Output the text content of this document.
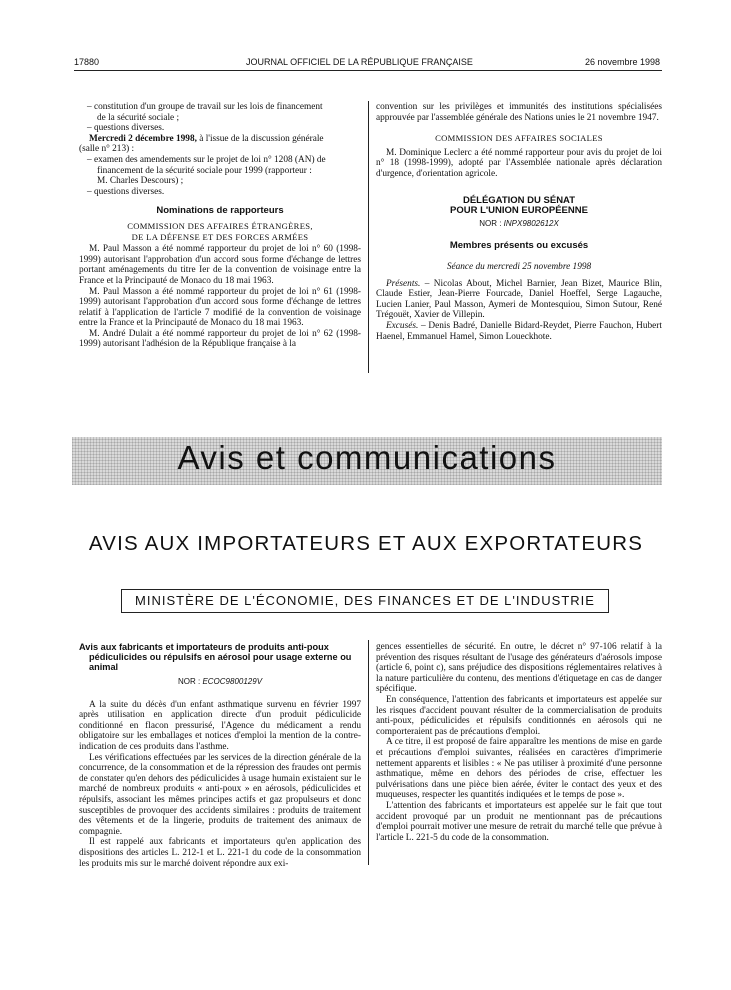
17880	JOURNAL OFFICIEL DE LA RÉPUBLIQUE FRANÇAISE	26 novembre 1998

– constitution d'un groupe de travail sur les lois de financement

de la sécurité sociale ;

– questions diverses.

Mercredi 2 décembre 1998, à l'issue de la discussion générale

(salle n° 213) :

– examen des amendements sur le projet de loi n° 1208 (AN) de

financement de la sécurité sociale pour 1999 (rapporteur :

M. Charles Descours) ;

– questions diverses.

Nominations de rapporteurs

COMMISSION DES AFFAIRES ÉTRANGÈRES,

DE LA DÉFENSE ET DES FORCES ARMÉES

M. Paul Masson a été nommé rapporteur du projet de loi n° 60 (1998-1999) autorisant l'approbation d'un accord sous forme d'échange de lettres portant aménagements du titre Ier de la convention de voisinage entre la France et la Principauté de Monaco du 18 mai 1963.

M. Paul Masson a été nommé rapporteur du projet de loi n° 61 (1998-1999) autorisant l'approbation d'un accord sous forme d'échange de lettres relatif à l'application de l'article 7 modifié de la convention de voisinage entre la France et la Principauté de Monaco du 18 mai 1963.

M. André Dulait a été nommé rapporteur du projet de loi n° 62 (1998-1999) autorisant l'adhésion de la République française à la

convention sur les privilèges et immunités des institutions spécialisées approuvée par l'assemblée générale des Nations unies le 21 novembre 1947.

COMMISSION DES AFFAIRES SOCIALES

M. Dominique Leclerc a été nommé rapporteur pour avis du projet de loi n° 18 (1998-1999), adopté par l'Assemblée nationale après déclaration d'urgence, d'orientation agricole.

DÉLÉGATION DU SÉNAT

POUR L'UNION EUROPÉENNE

NOR : INPX9802612X

Membres présents ou excusés

Séance du mercredi 25 novembre 1998

Présents. – Nicolas About, Michel Barnier, Jean Bizet, Maurice Blin, Claude Estier, Jean-Pierre Fourcade, Daniel Hoeffel, Serge Lagauche, Lucien Lanier, Paul Masson, Aymeri de Montesquiou, Simon Sutour, René Trégouët, Xavier de Villepin.

Excusés. – Denis Badré, Danielle Bidard-Reydet, Pierre Fauchon, Hubert Haenel, Emmanuel Hamel, Simon Loueckhote.

Avis et communications
AVIS AUX IMPORTATEURS ET AUX EXPORTATEURS
MINISTÈRE DE L'ÉCONOMIE, DES FINANCES ET DE L'INDUSTRIE

Avis aux fabricants et importateurs de produits anti-poux pédiculicides ou répulsifs en aérosol pour usage externe ou animal

NOR : ECOC9800129V

A la suite du décès d'un enfant asthmatique survenu en février 1997 après utilisation en application directe d'un produit pédiculicide conditionné en flacon pressurisé, l'Agence du médicament a rendu obligatoire sur les emballages et notices d'emploi la mention de la contre-indication de ces produits dans l'asthme.

Les vérifications effectuées par les services de la direction générale de la concurrence, de la consommation et de la répression des fraudes ont permis de constater qu'en dehors des pédiculicides à usage humain existaient sur le marché de nombreux produits « anti-poux » en aérosols, pédiculicides et répulsifs, associant les mêmes principes actifs et gaz propulseurs et donc susceptibles de provoquer des accidents similaires : produits de traitement des vêtements et de la lingerie, produits de traitement des animaux de compagnie.

Il est rappelé aux fabricants et importateurs qu'en application des dispositions des articles L. 212-1 et L. 221-1 du code de la consommation les produits mis sur le marché doivent répondre aux exi-

gences essentielles de sécurité. En outre, le décret n° 97-106 relatif à la prévention des risques résultant de l'usage des générateurs d'aérosols impose (article 6, point c), sans préjudice des dispositions réglementaires relatives à la nature particulière du contenu, des mentions d'étiquetage en cas de danger spécifique.

En conséquence, l'attention des fabricants et importateurs est appelée sur les risques d'accident pouvant résulter de la commercialisation de produits anti-poux, pédiculicides et répulsifs conditionnés en aérosols qui ne comporteraient pas de précautions d'emploi.

A ce titre, il est proposé de faire apparaître les mentions de mise en garde et précautions d'emploi suivantes, réalisées en caractères d'imprimerie nettement apparents et lisibles : « Ne pas utiliser à proximité d'une personne asthmatique, même en dehors des périodes de crise, effectuer les pulvérisations dans une pièce bien aérée, éviter le contact des yeux et des muqueuses, respecter les quantités indiquées et le temps de pose ».

L'attention des fabricants et importateurs est appelée sur le fait que tout accident provoqué par un produit ne mentionnant pas de précautions d'emploi pourrait motiver une mesure de retrait du marché telle que prévue à l'article L. 221-5 du code de la consommation.
